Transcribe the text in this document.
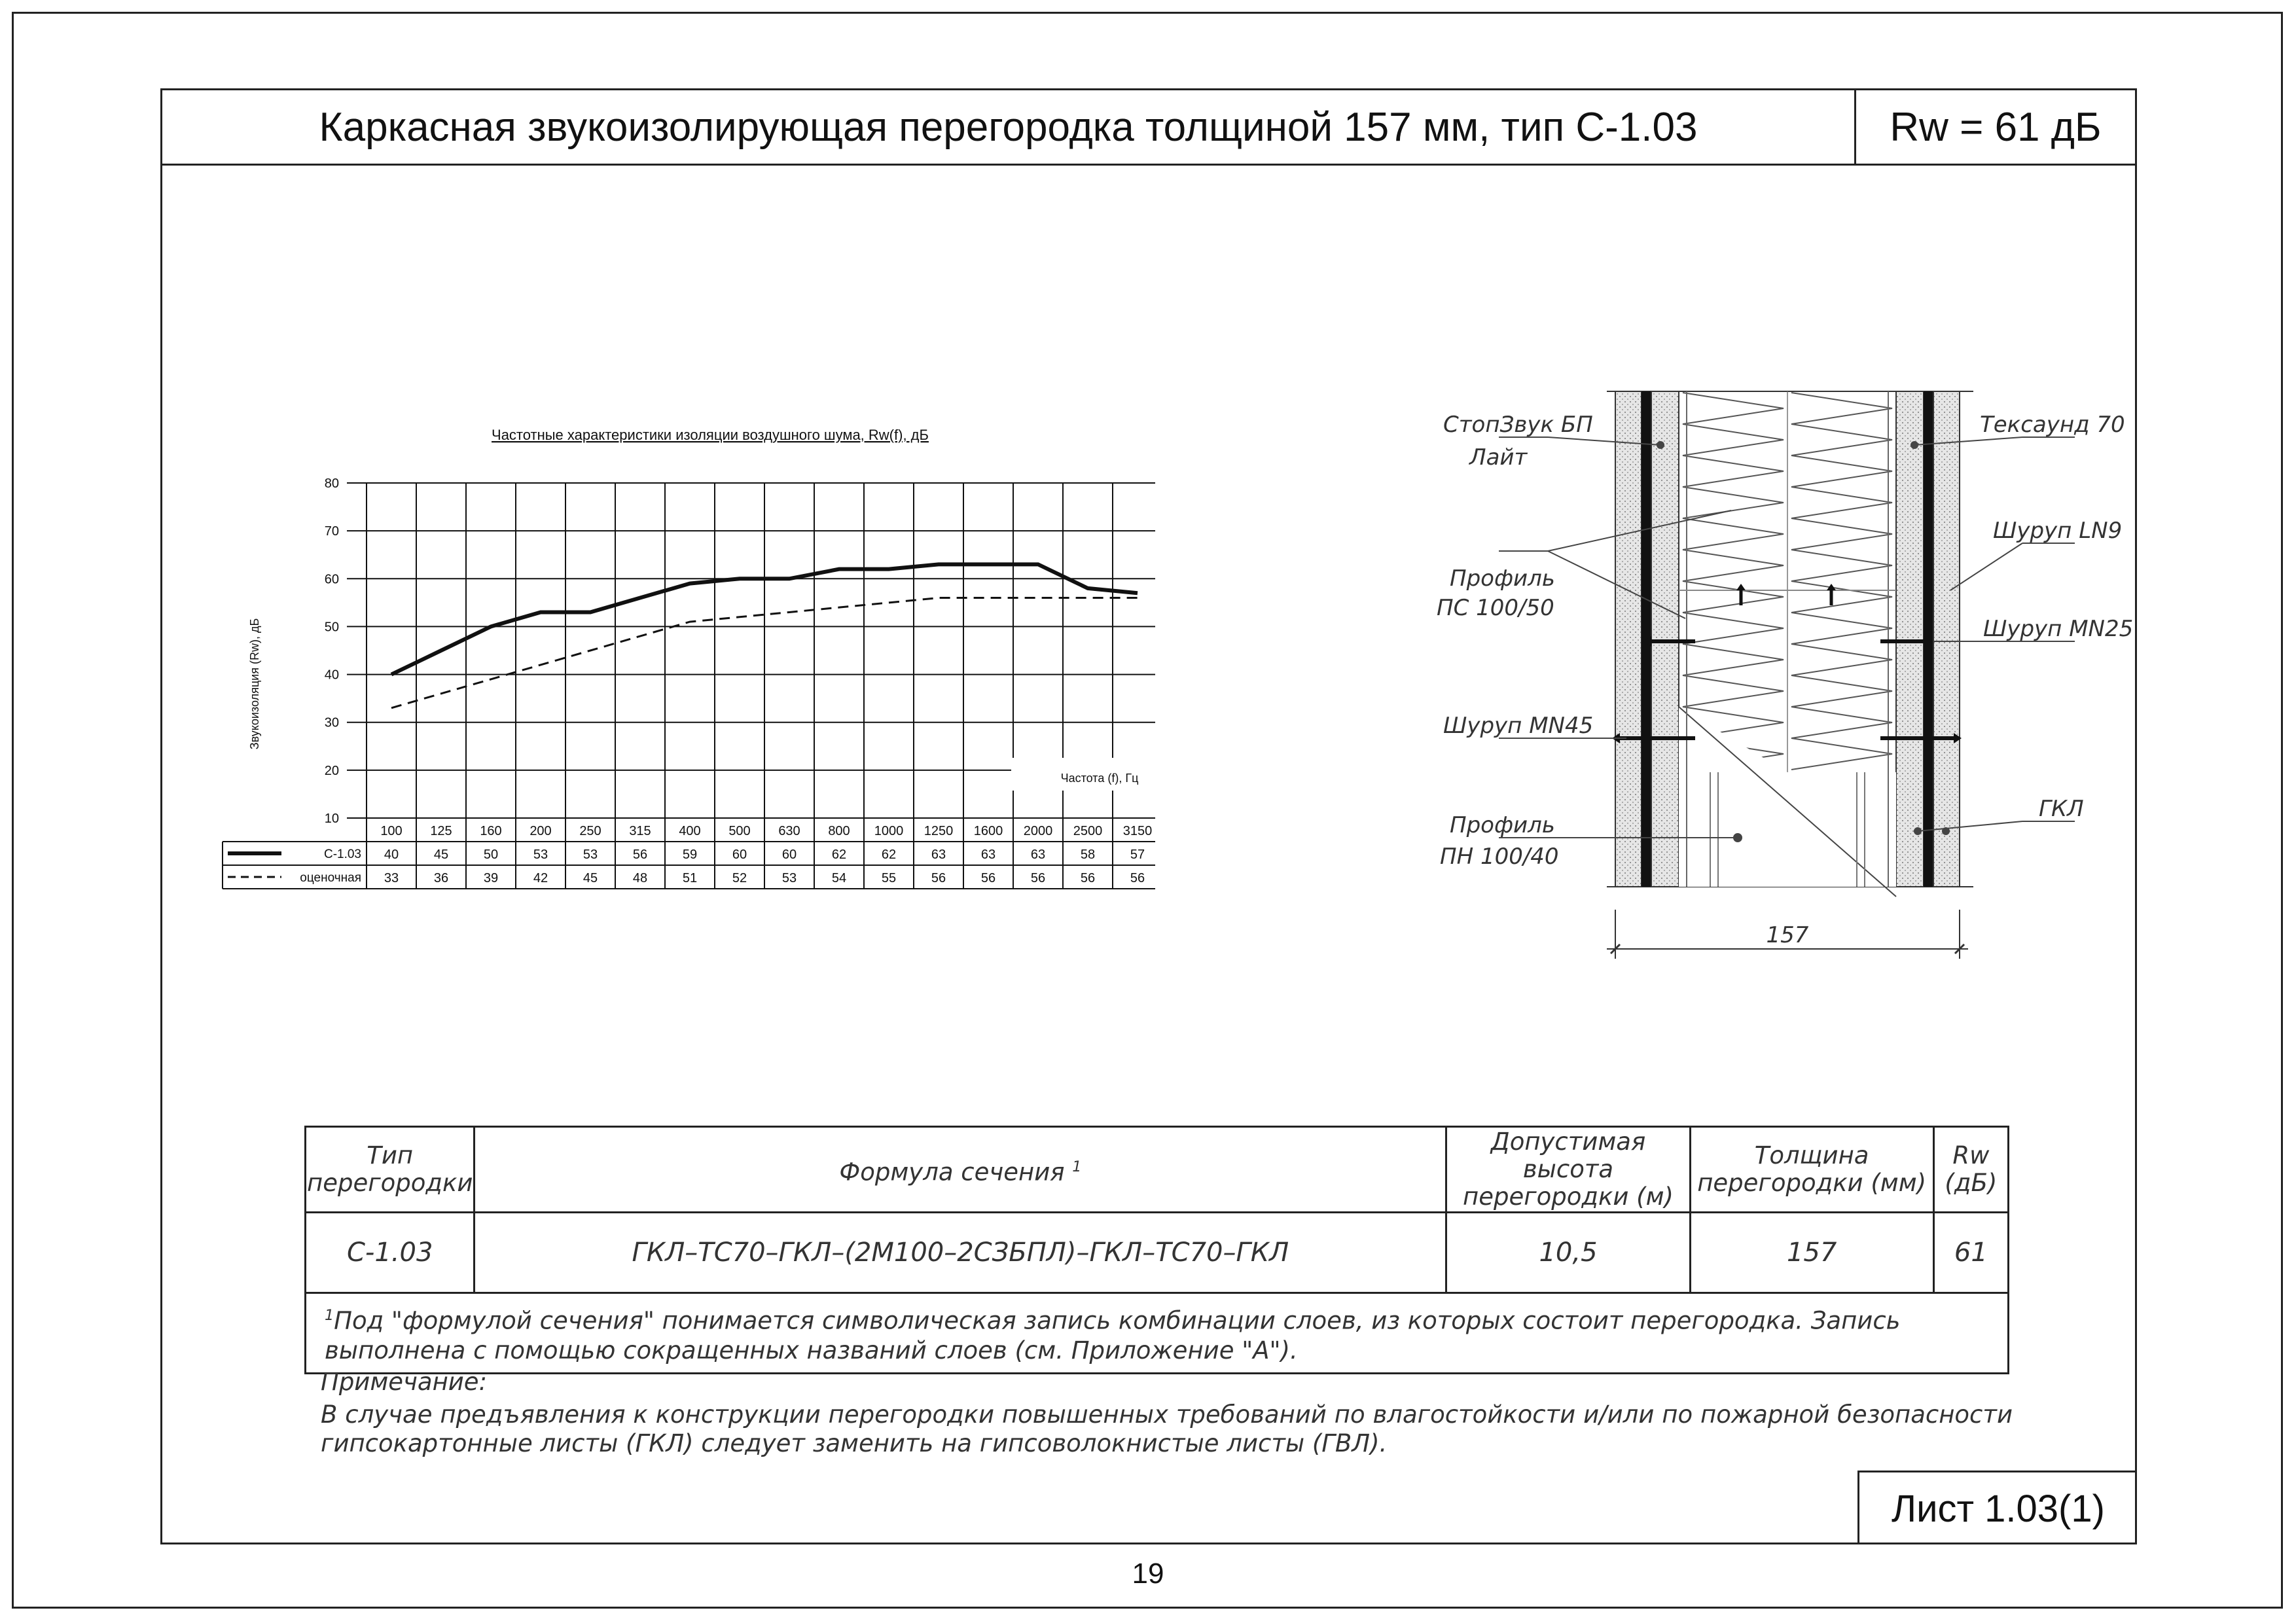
Каркасная звукоизолирующая перегородка толщиной 157 мм, тип С-1.03	Rw = 61 дБ
Частотные характеристики изоляции воздушного шума, Rw(f), дБ
Звукоизоляция (Rw), дБ
10
20
30
40
50
60
70
80
Частота (f), Гц
100 125 160 200 250 315 400 500 630 800 1000 1250 1600 2000 2500 3150
С-1.03 40	45	50	53	53	56	59	60	60	62	62	63	63	63	58	57
оценочная 33	36	39	42	45	48	51	52	53	54	55	56	56	56	56	56
СтопЗвук БП
Лайт
Тексаунд 70
Шуруп LN9
Профиль
ПС 100/50
Шуруп MN25
Шуруп MN45
ГКЛ
Профиль
ПН 100/40
157
Тип перегородки	Формула сечения $^1$	Допустимая высота перегородки (м)	Толщина перегородки (мм)	Rw (дБ)
С-1.03	ГКЛ–ТС70–ГКЛ–(2М100–2СЗБПЛ)–ГКЛ–ТС70–ГКЛ	10,5	157	61
$^1$Под "формулой сечения" понимается символическая запись комбинации слоев, из которых состоит перегородка. Запись выполнена с помощью сокращенных названий слоев (см. Приложение "А").				
Примечание:
В случае предъявления к конструкции перегородки повышенных требований по влагостойкости и/или по пожарной безопасности гипсокартонные листы (ГКЛ) следует заменить на гипсоволокнистые листы (ГВЛ).
Лист 1.03(1)
19
